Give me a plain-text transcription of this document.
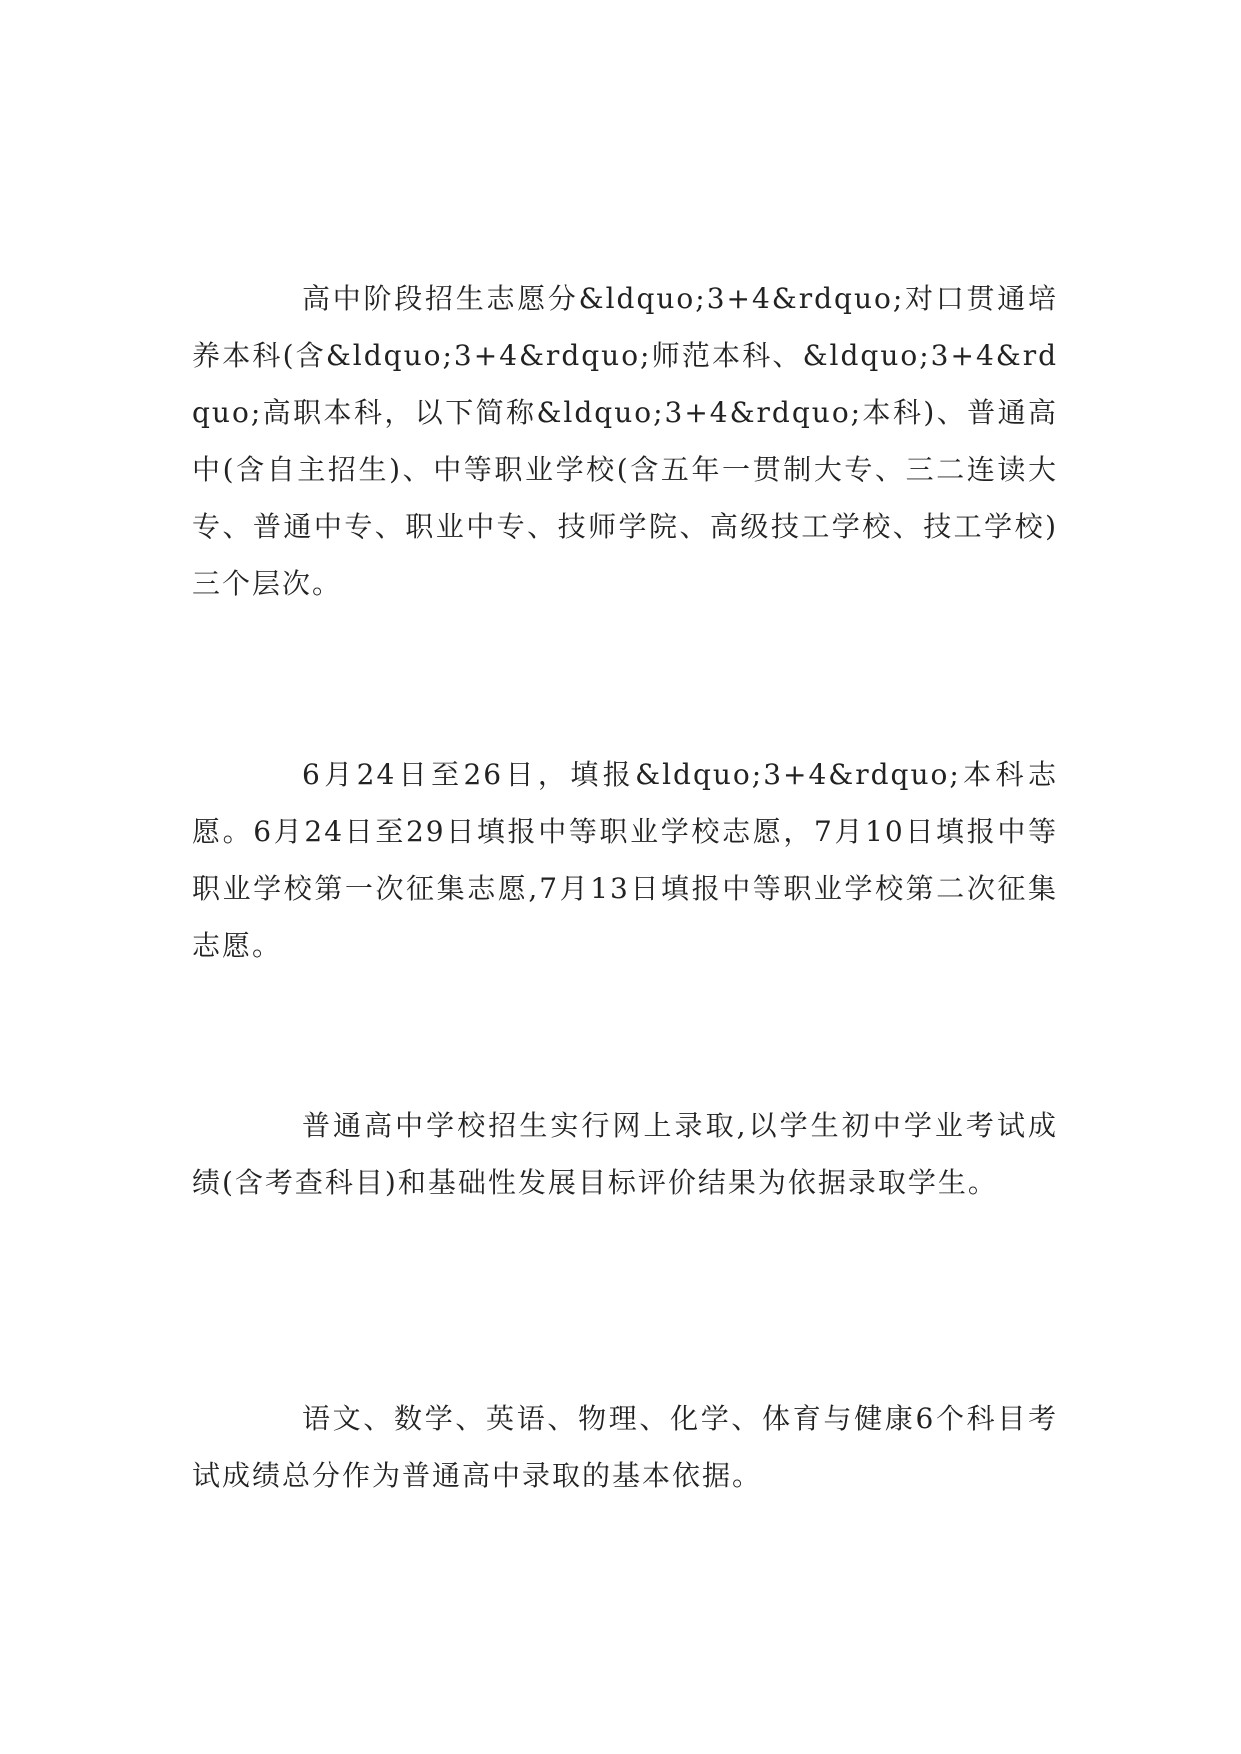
高中阶段招生志愿分&ldquo;3+4&rdquo;对口贯通培养本科(含&ldquo;3+4&rdquo;师范本科、&ldquo;3+4&rdquo;高职本科，以下简称&ldquo;3+4&rdquo;本科)、普通高中(含自主招生)、中等职业学校(含五年一贯制大专、三二连读大专、普通中专、职业中专、技师学院、高级技工学校、技工学校)三个层次。

6月24日至26日，填报&ldquo;3+4&rdquo;本科志愿。6月24日至29日填报中等职业学校志愿，7月10日填报中等职业学校第一次征集志愿,7月13日填报中等职业学校第二次征集志愿。

普通高中学校招生实行网上录取,以学生初中学业考试成绩(含考查科目)和基础性发展目标评价结果为依据录取学生。

语文、数学、英语、物理、化学、体育与健康6个科目考试成绩总分作为普通高中录取的基本依据。
